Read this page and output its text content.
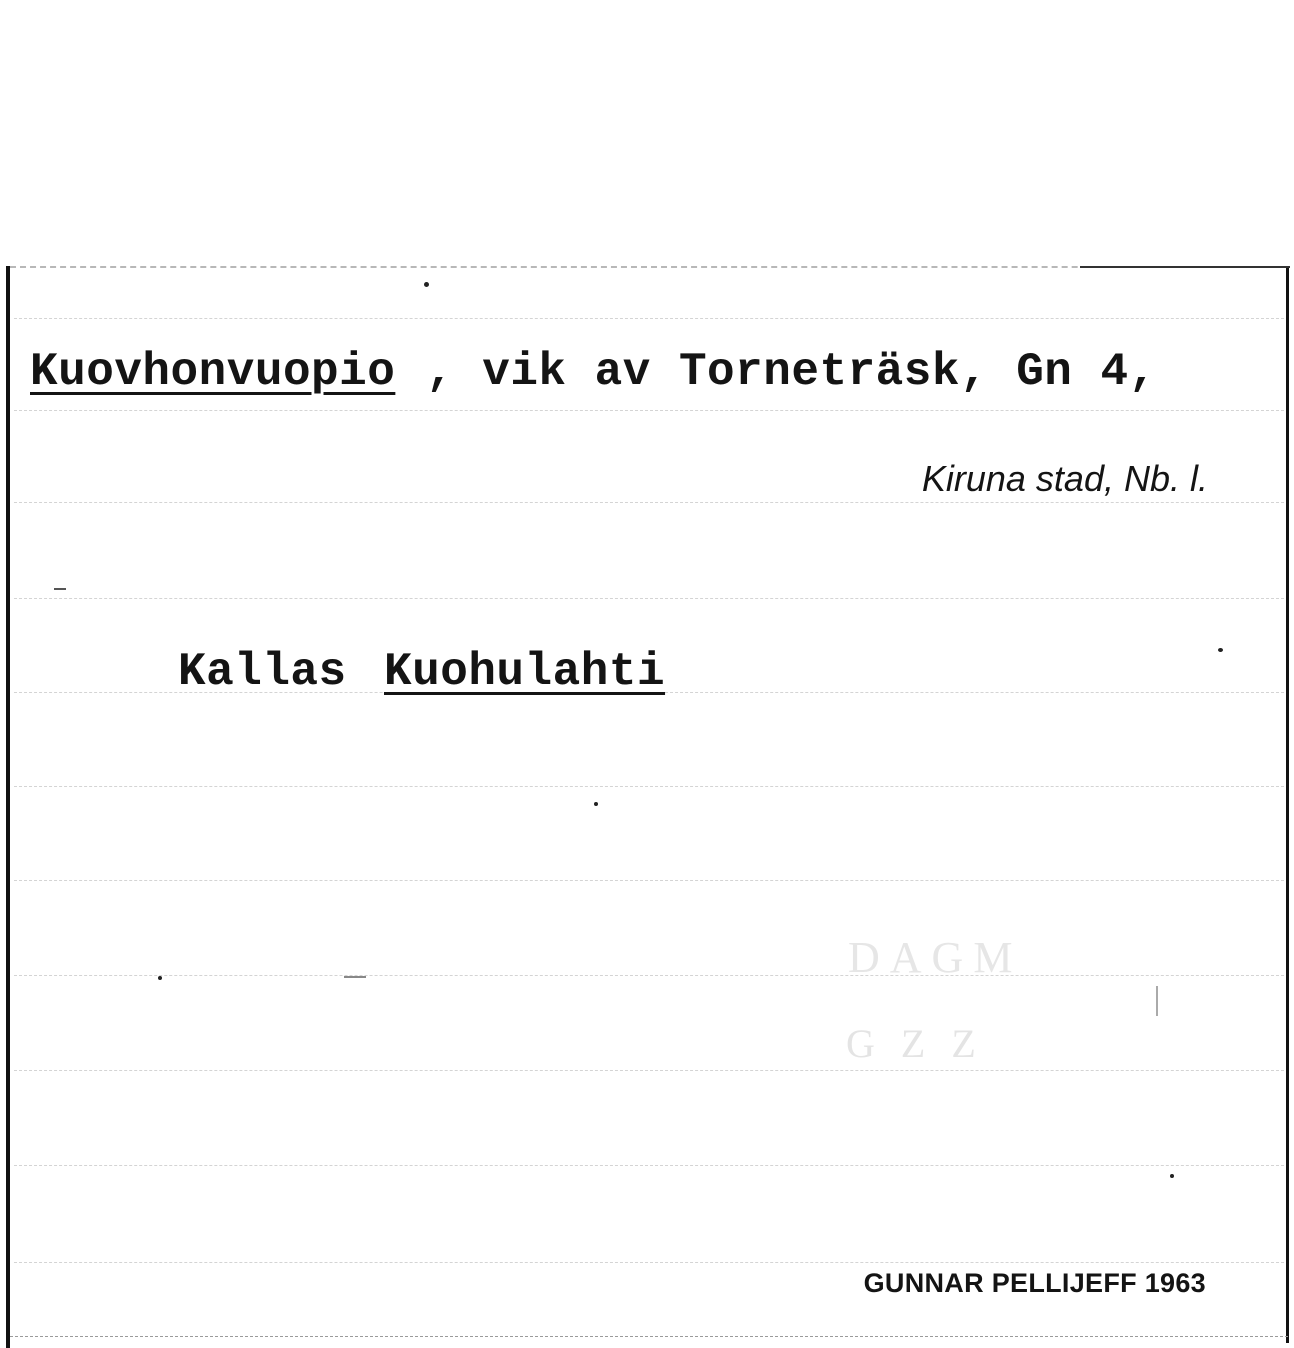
Kuovhonvuopio , vik av Torneträsk, Gn 4,
Kiruna stad, Nb. l.
Kallas Kuohulahti
DAGM
GZZ
GUNNAR PELLIJEFF 1963
